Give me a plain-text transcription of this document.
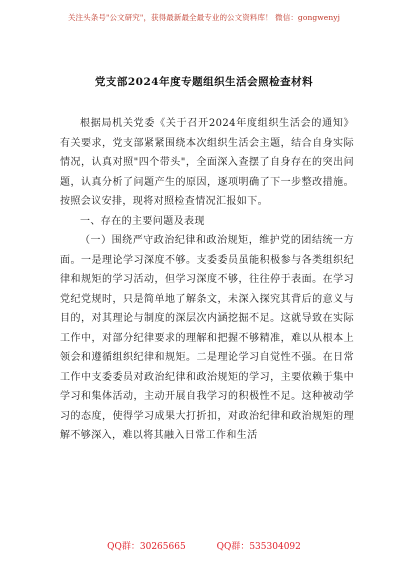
关注头条号"公文研究"，获得最新最全最专业的公文资料库！ 微信：gongwenyj
党支部2024年度专题组织生活会照检查材料

根据局机关党委《关于召开2024年度组织生活会的通知》有关要求，党支部紧紧围绕本次组织生活会主题，结合自身实际情况，认真对照"四个带头"，全面深入查摆了自身存在的突出问题，认真分析了问题产生的原因，逐项明确了下一步整改措施。按照会议安排，现将对照检查情况汇报如下。

一、存在的主要问题及表现

（一）围绕严守政治纪律和政治规矩，维护党的团结统一方面。一是理论学习深度不够。支委委员虽能积极参与各类组织纪律和规矩的学习活动，但学习深度不够，往往停于表面。在学习党纪党规时，只是简单地了解条文，未深入探究其背后的意义与目的，对其理论与制度的深层次内涵挖掘不足。这就导致在实际工作中，对部分纪律要求的理解和把握不够精准，难以从根本上领会和遵循组织纪律和规矩。二是理论学习自觉性不强。在日常工作中支委委员对政治纪律和政治规矩的学习，主要依赖于集中学习和集体活动，主动开展自我学习的积极性不足。这种被动学习的态度，使得学习成果大打折扣，对政治纪律和政治规矩的理解不够深入，难以将其融入日常工作和生活

QQ群：30265665	QQ群：535304092
